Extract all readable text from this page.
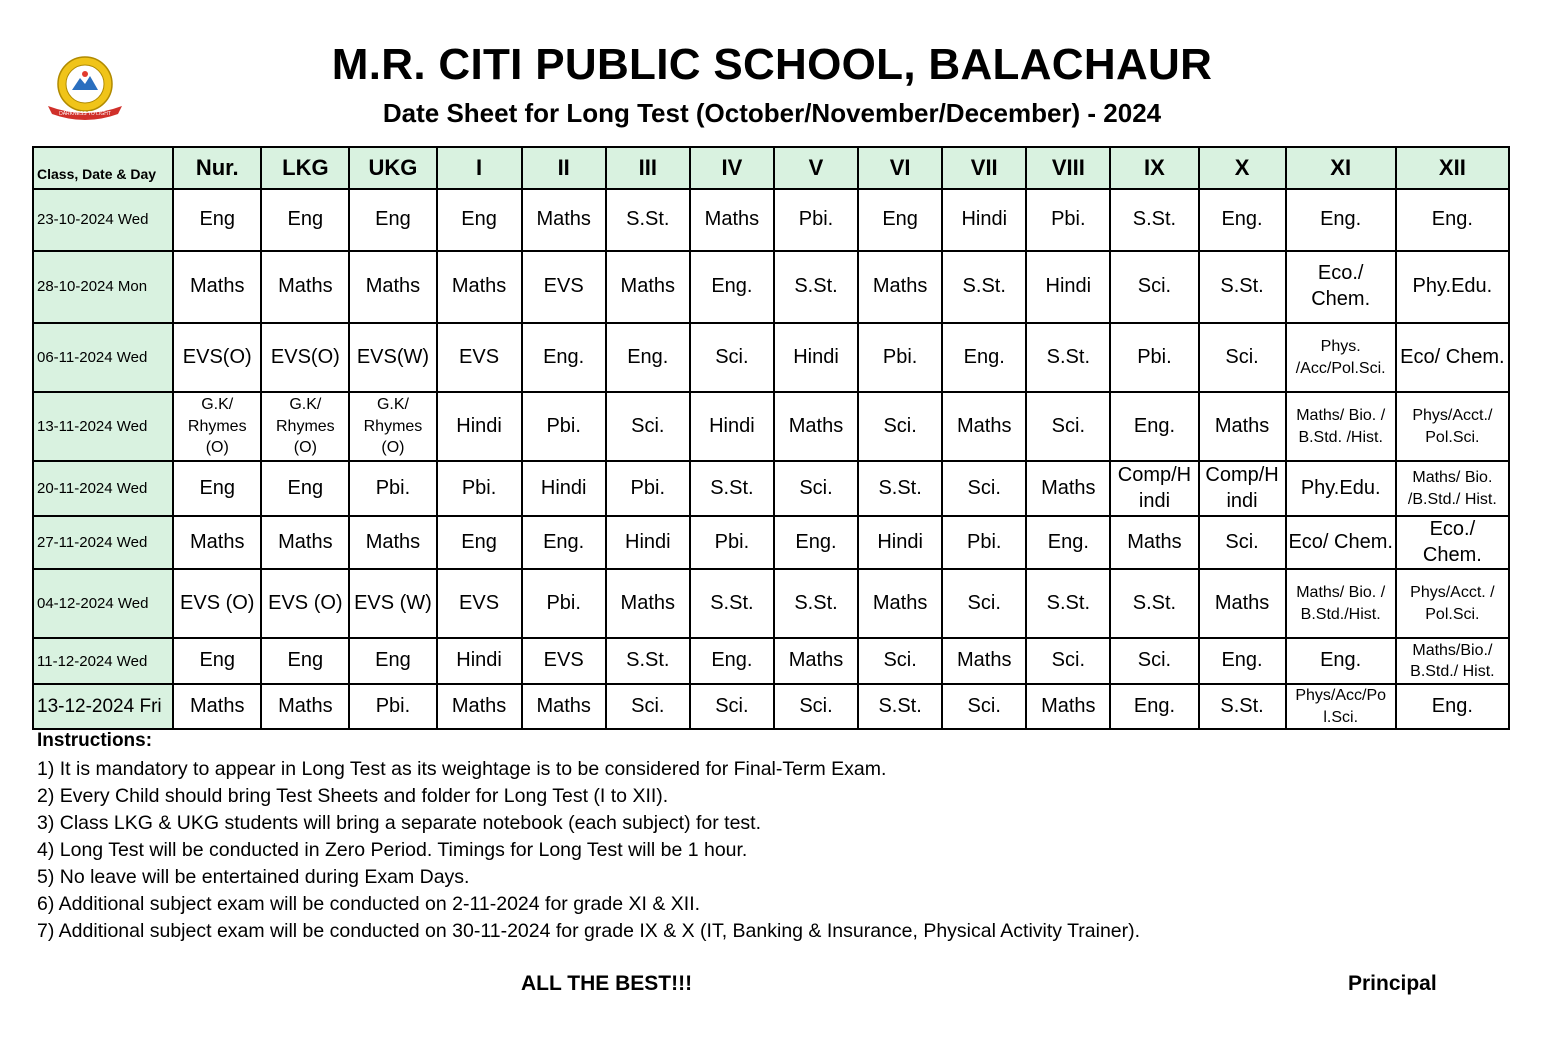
DARKNESS TO LIGHT
M.R. CITI PUBLIC SCHOOL, BALACHAUR
Date Sheet for Long Test (October/November/December) - 2024
Class, Date & Day	Nur.	LKG	UKG	I	II	III	IV	V	VI	VII	VIII	IX	X	XI	XII
23-10-2024 Wed	Eng	Eng	Eng	Eng	Maths	S.St.	Maths	Pbi.	Eng	Hindi	Pbi.	S.St.	Eng.	Eng.	Eng.
28-10-2024 Mon	Maths	Maths	Maths	Maths	EVS	Maths	Eng.	S.St.	Maths	S.St.	Hindi	Sci.	S.St.	Eco./ Chem.	Phy.Edu.
06-11-2024 Wed	EVS(O)	EVS(O)	EVS(W)	EVS	Eng.	Eng.	Sci.	Hindi	Pbi.	Eng.	S.St.	Pbi.	Sci.	Phys. /Acc/Pol.Sci.	Eco/ Chem.
13-11-2024 Wed	G.K/ Rhymes (O)	G.K/ Rhymes (O)	G.K/ Rhymes (O)	Hindi	Pbi.	Sci.	Hindi	Maths	Sci.	Maths	Sci.	Eng.	Maths	Maths/ Bio. / B.Std. /Hist.	Phys/Acct./ Pol.Sci.
20-11-2024 Wed	Eng	Eng	Pbi.	Pbi.	Hindi	Pbi.	S.St.	Sci.	S.St.	Sci.	Maths	Comp/H indi	Comp/H indi	Phy.Edu.	Maths/ Bio. /B.Std./ Hist.
27-11-2024 Wed	Maths	Maths	Maths	Eng	Eng.	Hindi	Pbi.	Eng.	Hindi	Pbi.	Eng.	Maths	Sci.	Eco/ Chem.	Eco./ Chem.
04-12-2024 Wed	EVS (O)	EVS (O)	EVS (W)	EVS	Pbi.	Maths	S.St.	S.St.	Maths	Sci.	S.St.	S.St.	Maths	Maths/ Bio. / B.Std./Hist.	Phys/Acct. / Pol.Sci.
11-12-2024 Wed	Eng	Eng	Eng	Hindi	EVS	S.St.	Eng.	Maths	Sci.	Maths	Sci.	Sci.	Eng.	Eng.	Maths/Bio./ B.Std./ Hist.
13-12-2024 Fri	Maths	Maths	Pbi.	Maths	Maths	Sci.	Sci.	Sci.	S.St.	Sci.	Maths	Eng.	S.St.	Phys/Acc/Po l.Sci.	Eng.
Instructions:
1) It is mandatory to appear in Long Test as its weightage is to be considered for Final-Term Exam.
2) Every Child should bring Test Sheets and folder for Long Test (I to XII).
3) Class LKG & UKG students will bring a separate notebook (each subject) for test.
4) Long Test will be conducted in Zero Period. Timings for Long Test will be 1 hour.
5) No leave will be entertained during Exam Days.
6) Additional subject exam will be conducted on 2-11-2024 for grade XI & XII.
7) Additional subject exam will be conducted on 30-11-2024 for grade IX & X (IT, Banking & Insurance, Physical Activity Trainer).
ALL THE BEST!!!	Principal
